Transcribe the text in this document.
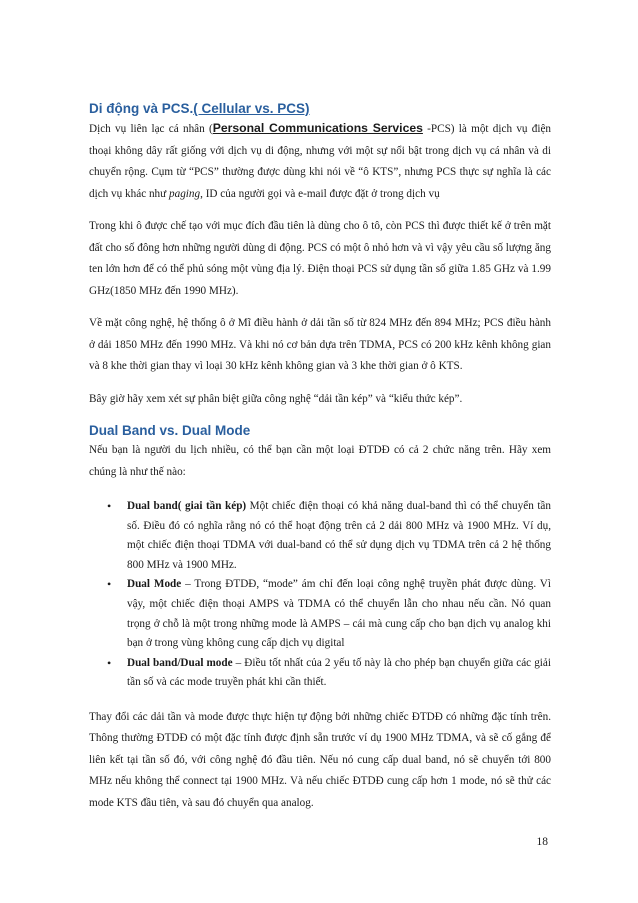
Di động và PCS.( Cellular vs. PCS)

Dịch vụ liên lạc cá nhân (Personal Communications Services -PCS) là một dịch vụ điện thoại không dây rất giống với dịch vụ di động, nhưng với một sự nổi bật trong dịch vụ cá nhân và di chuyển rộng. Cụm từ “PCS” thường được dùng khi nói về “ô KTS”, nhưng PCS thực sự nghĩa là các dịch vụ khác như paging, ID của người gọi và e-mail được đặt ở trong dịch vụ

Trong khi ô được chế tạo với mục đích đầu tiên là dùng cho ô tô, còn PCS thì được thiết kế ở trên mặt đất cho số đông hơn những người dùng di động. PCS có một ô nhỏ hơn và vì vậy yêu cầu số lượng ăng ten lớn hơn để có thể phủ sóng một vùng địa lý. Điện thoại PCS sử dụng tần số giữa 1.85 GHz và 1.99 GHz(1850 MHz đến 1990 MHz).

Về mặt công nghệ, hệ thống ô ở Mĩ điều hành ở dải tần số từ 824 MHz đến 894 MHz; PCS điều hành ở dải 1850 MHz đến 1990 MHz. Và khi nó cơ bản dựa trên TDMA, PCS có 200 kHz kênh không gian và 8 khe thời gian thay vì loại 30 kHz kênh không gian và 3 khe thời gian ở ô KTS.

Bây giờ hãy xem xét sự phân biệt giữa công nghệ “dải tần kép” và “kiểu thức kép”.

Dual Band vs. Dual Mode

Nếu bạn là người du lịch nhiều, có thể bạn cần một loại ĐTDĐ có cả 2 chức năng trên. Hãy xem chúng là như thế nào:

• Dual band( giai tần kép) Một chiếc điện thoại có khả năng dual-band thì có thể chuyển tần số. Điều đó có nghĩa rằng nó có thể hoạt động trên cả 2 dải 800 MHz và 1900 MHz. Ví dụ, một chiếc điện thoại TDMA với dual-band có thể sử dụng dịch vụ TDMA trên cả 2 hệ thống 800 MHz và 1900 MHz.
• Dual Mode – Trong ĐTDĐ, “mode” ám chỉ đến loại công nghệ truyền phát được dùng. Vì vậy, một chiếc điện thoại AMPS và TDMA có thể chuyển lẫn cho nhau nếu cần. Nó quan trọng ở chỗ là một trong những mode là AMPS – cái mà cung cấp cho bạn dịch vụ analog khi bạn ở trong vùng không cung cấp dịch vụ digital
• Dual band/Dual mode – Điều tốt nhất của 2 yếu tố này là cho phép bạn chuyển giữa các giải tần số và các mode truyền phát khi cần thiết.

Thay đổi các dải tần và mode được thực hiện tự động bởi những chiếc ĐTDĐ có những đặc tính trên. Thông thường ĐTDĐ có một đặc tính được định sẵn trước ví dụ 1900 MHz TDMA, và sẽ cố gắng để liên kết tại tần số đó, với công nghệ đó đầu tiên. Nếu nó cung cấp dual band, nó sẽ chuyển tới 800 MHz nếu không thể connect tại 1900 MHz. Và nếu chiếc ĐTDĐ cung cấp hơn 1 mode, nó sẽ thử các mode KTS đầu tiên, và sau đó chuyển qua analog.

18
